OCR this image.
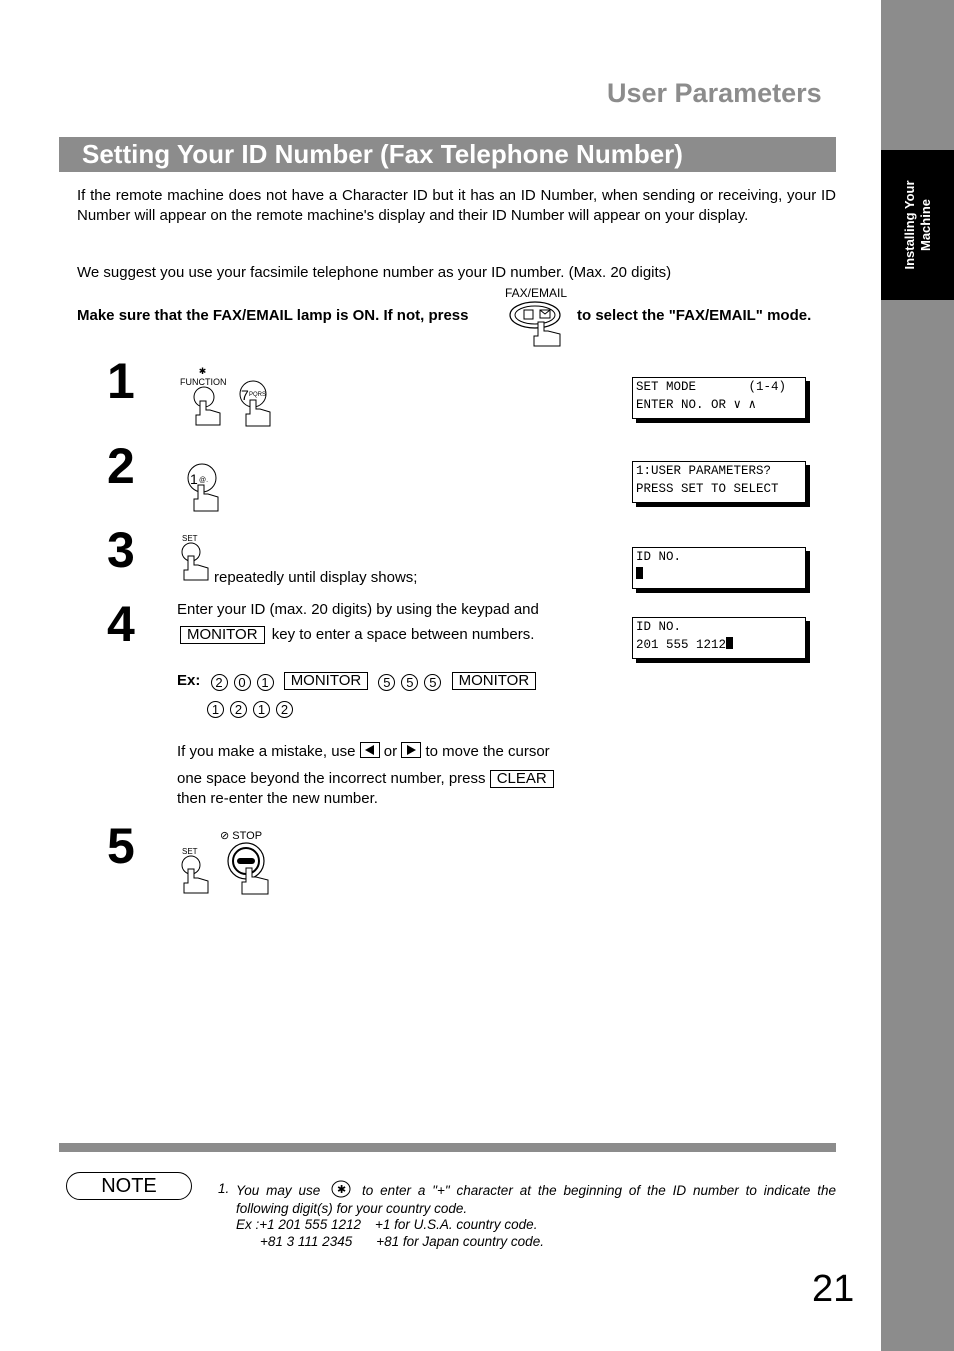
Installing Your
Machine
User Parameters
Setting Your ID Number (Fax Telephone Number)
If the remote machine does not have a Character ID but it has an ID Number, when sending or receiving, your ID Number will appear on the remote machine's display and their ID Number will appear on your display.
We suggest you use your facsimile telephone number as your ID number. (Max. 20 digits)
Make sure that the FAX/EMAIL lamp is ON. If not, press
FAX/EMAIL
to select the "FAX/EMAIL" mode.
1	✱
FUNCTION
7 PQRS
SET MODE       (1-4)
ENTER NO. OR ∨ ∧
2	1 @.
1:USER PARAMETERS?
PRESS SET TO SELECT
3	SET
repeatedly until display shows;
ID NO.
4	Enter your ID (max. 20 digits) by using the keypad and

MONITOR key to enter a space between numbers.
Ex: 2 0 1 MONITOR 5 5 5 MONITOR
1 2 1 2
If you make a mistake, use or
to move the cursor
one space beyond the incorrect number, press CLEAR
then re-enter the new number.
ID NO.
201 555 1212
5	SET
⊘ STOP
NOTE	1. You may use ✱ to enter a "+" character at the beginning of the ID number to indicate the following digit(s) for your country code.
Ex :+1 201 555 1212 +1 for U.S.A. country code.
+81 3 111 2345 +81 for Japan country code.
21
